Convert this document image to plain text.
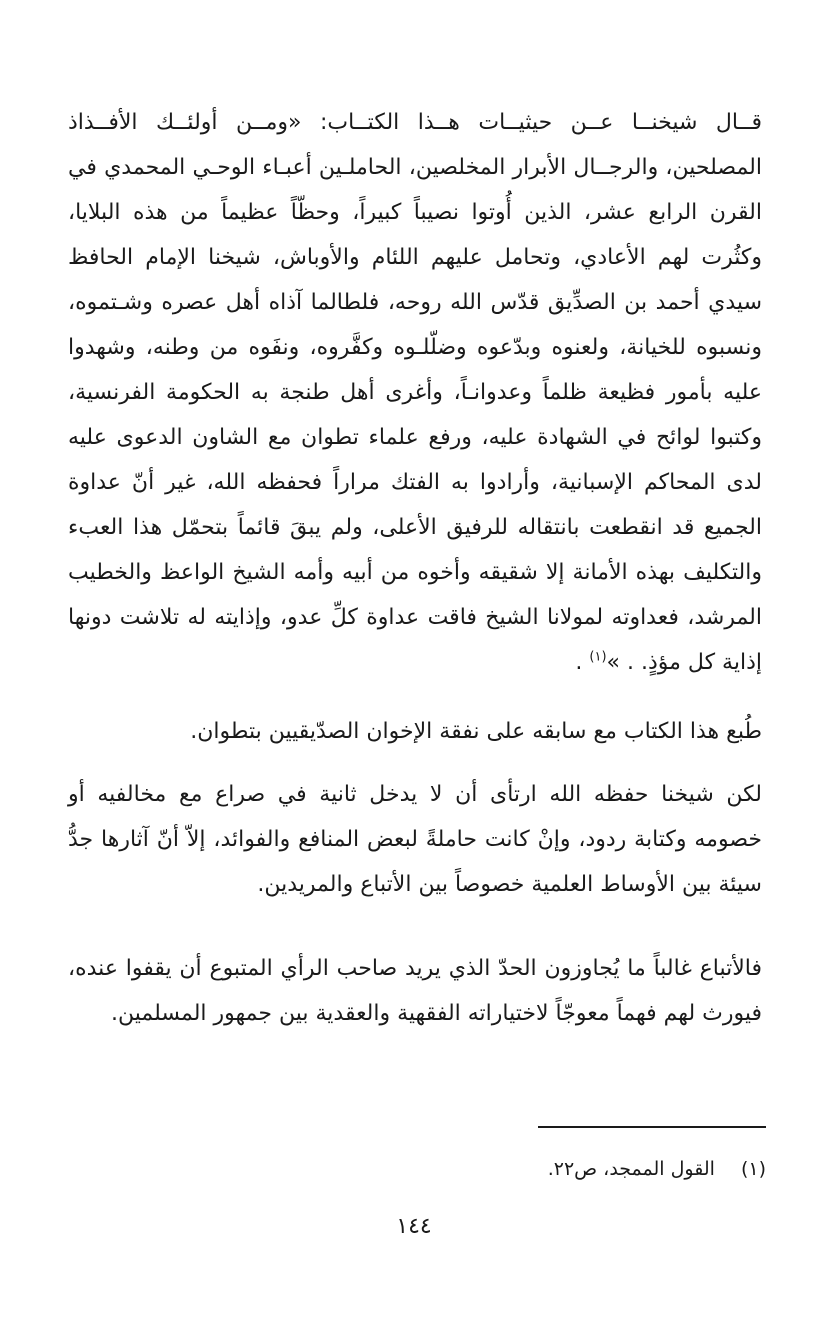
قــال شيخنــا عــن حيثيــات هــذا الكتــاب: «ومــن أولئــك الأفــذاذ المصلحين، والرجــال الأبرار المخلصين، الحاملـين أعبـاء الوحـي المحمدي في القرن الرابع عشر، الذين أُوتوا نصيباً كبيراً، وحظّاً عظيماً من هذه البلايا، وكثُرت لهم الأعادي، وتحامل عليهم اللئام والأوباش، شيخنا الإمام الحافظ سيدي أحمد بن الصدِّيق قدّس الله روحه، فلطالما آذاه أهل عصره وشـتموه، ونسبوه للخيانة، ولعنوه وبدّعوه وضلّلـوه وكفَّروه، ونفَوه من وطنه، وشهدوا عليه بأمور فظيعة ظلماً وعدوانـاً، وأغرى أهل طنجة به الحكومة الفرنسية، وكتبوا لوائح في الشهادة عليه، ورفع علماء تطوان مع الشاون الدعوى عليه لدى المحاكم الإسبانية، وأرادوا به الفتك مراراً فحفظه الله، غير أنّ عداوة الجميع قد انقطعت بانتقاله للرفيق الأعلى، ولم يبقَ قائماً بتحمّل هذا العبء والتكليف بهذه الأمانة إلا شقيقه وأخوه من أبيه وأمه الشيخ الواعظ والخطيب المرشد، فعداوته لمولانا الشيخ فاقت عداوة كلِّ عدو، وإذايته له تلاشت دونها إذاية كل مؤذٍ. . »$^{(١)}$ .

طُبع هذا الكتاب مع سابقه على نفقة الإخوان الصدّيقيين بتطوان.

لكن شيخنا حفظه الله ارتأى أن لا يدخل ثانية في صراع مع مخالفيه أو خصومه وكتابة ردود، وإنْ كانت حاملةً لبعض المنافع والفوائد، إلاّ أنّ آثارها جدُّ سيئة بين الأوساط العلمية خصوصاً بين الأتباع والمريدين.

فالأتباع غالباً ما يُجاوزون الحدّ الذي يريد صاحب الرأي المتبوع أن يقفوا عنده، فيورث لهم فهماً معوجّاً لاختياراته الفقهية والعقدية بين جمهور المسلمين.

(١)القول الممجد، ص٢٢.
١٤٤
